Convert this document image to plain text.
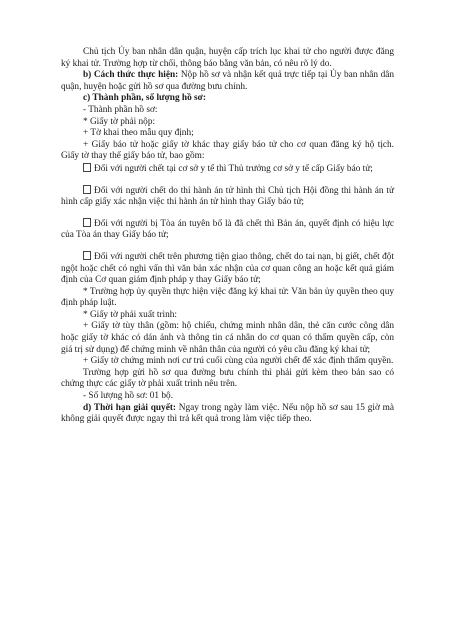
Chủ tịch Ủy ban nhân dân quận, huyện cấp trích lục khai tử cho người được đăng ký khai tử. Trường hợp từ chối, thông báo bằng văn bản, có nêu rõ lý do.

b) Cách thức thực hiện: Nộp hồ sơ và nhận kết quả trực tiếp tại Ủy ban nhân dân quận, huyện hoặc gửi hồ sơ qua đường bưu chính.

c) Thành phần, số lượng hồ sơ:

- Thành phần hồ sơ:

* Giấy tờ phải nộp:

+ Tờ khai theo mẫu quy định;

+ Giấy báo tử hoặc giấy tờ khác thay giấy báo tử cho cơ quan đăng ký hộ tịch. Giấy tờ thay thế giấy báo tử, bao gồm:

Đối với người chết tại cơ sở y tế thì Thủ trưởng cơ sở y tế cấp Giấy báo tử;

Đối với người chết do thi hành án tử hình thì Chủ tịch Hội đồng thi hành án tử hình cấp giấy xác nhận việc thi hành án tử hình thay Giấy báo tử;

Đối với người bị Tòa án tuyên bố là đã chết thì Bản án, quyết định có hiệu lực của Tòa án thay Giấy báo tử;

Đối với người chết trên phương tiện giao thông, chết do tai nạn, bị giết, chết đột ngột hoặc chết có nghi vấn thì văn bản xác nhận của cơ quan công an hoặc kết quả giám định của Cơ quan giám định pháp y thay Giấy báo tử;

* Trường hợp ủy quyền thực hiện việc đăng ký khai tử: Văn bản ủy quyền theo quy định pháp luật.

* Giấy tờ phải xuất trình:

+ Giấy tờ tùy thân (gồm: hộ chiếu, chứng minh nhân dân, thẻ căn cước công dân hoặc giấy tờ khác có dán ảnh và thông tin cá nhân do cơ quan có thẩm quyền cấp, còn giá trị sử dụng) để chứng minh về nhân thân của người có yêu cầu đăng ký khai tử;

+ Giấy tờ chứng minh nơi cư trú cuối cùng của người chết để xác định thẩm quyền.

Trường hợp gửi hồ sơ qua đường bưu chính thì phải gửi kèm theo bản sao có chứng thực các giấy tờ phải xuất trình nêu trên.

- Số lượng hồ sơ: 01 bộ.

d) Thời hạn giải quyết: Ngay trong ngày làm việc. Nếu nộp hồ sơ sau 15 giờ mà không giải quyết được ngay thì trả kết quả trong làm việc tiếp theo.
